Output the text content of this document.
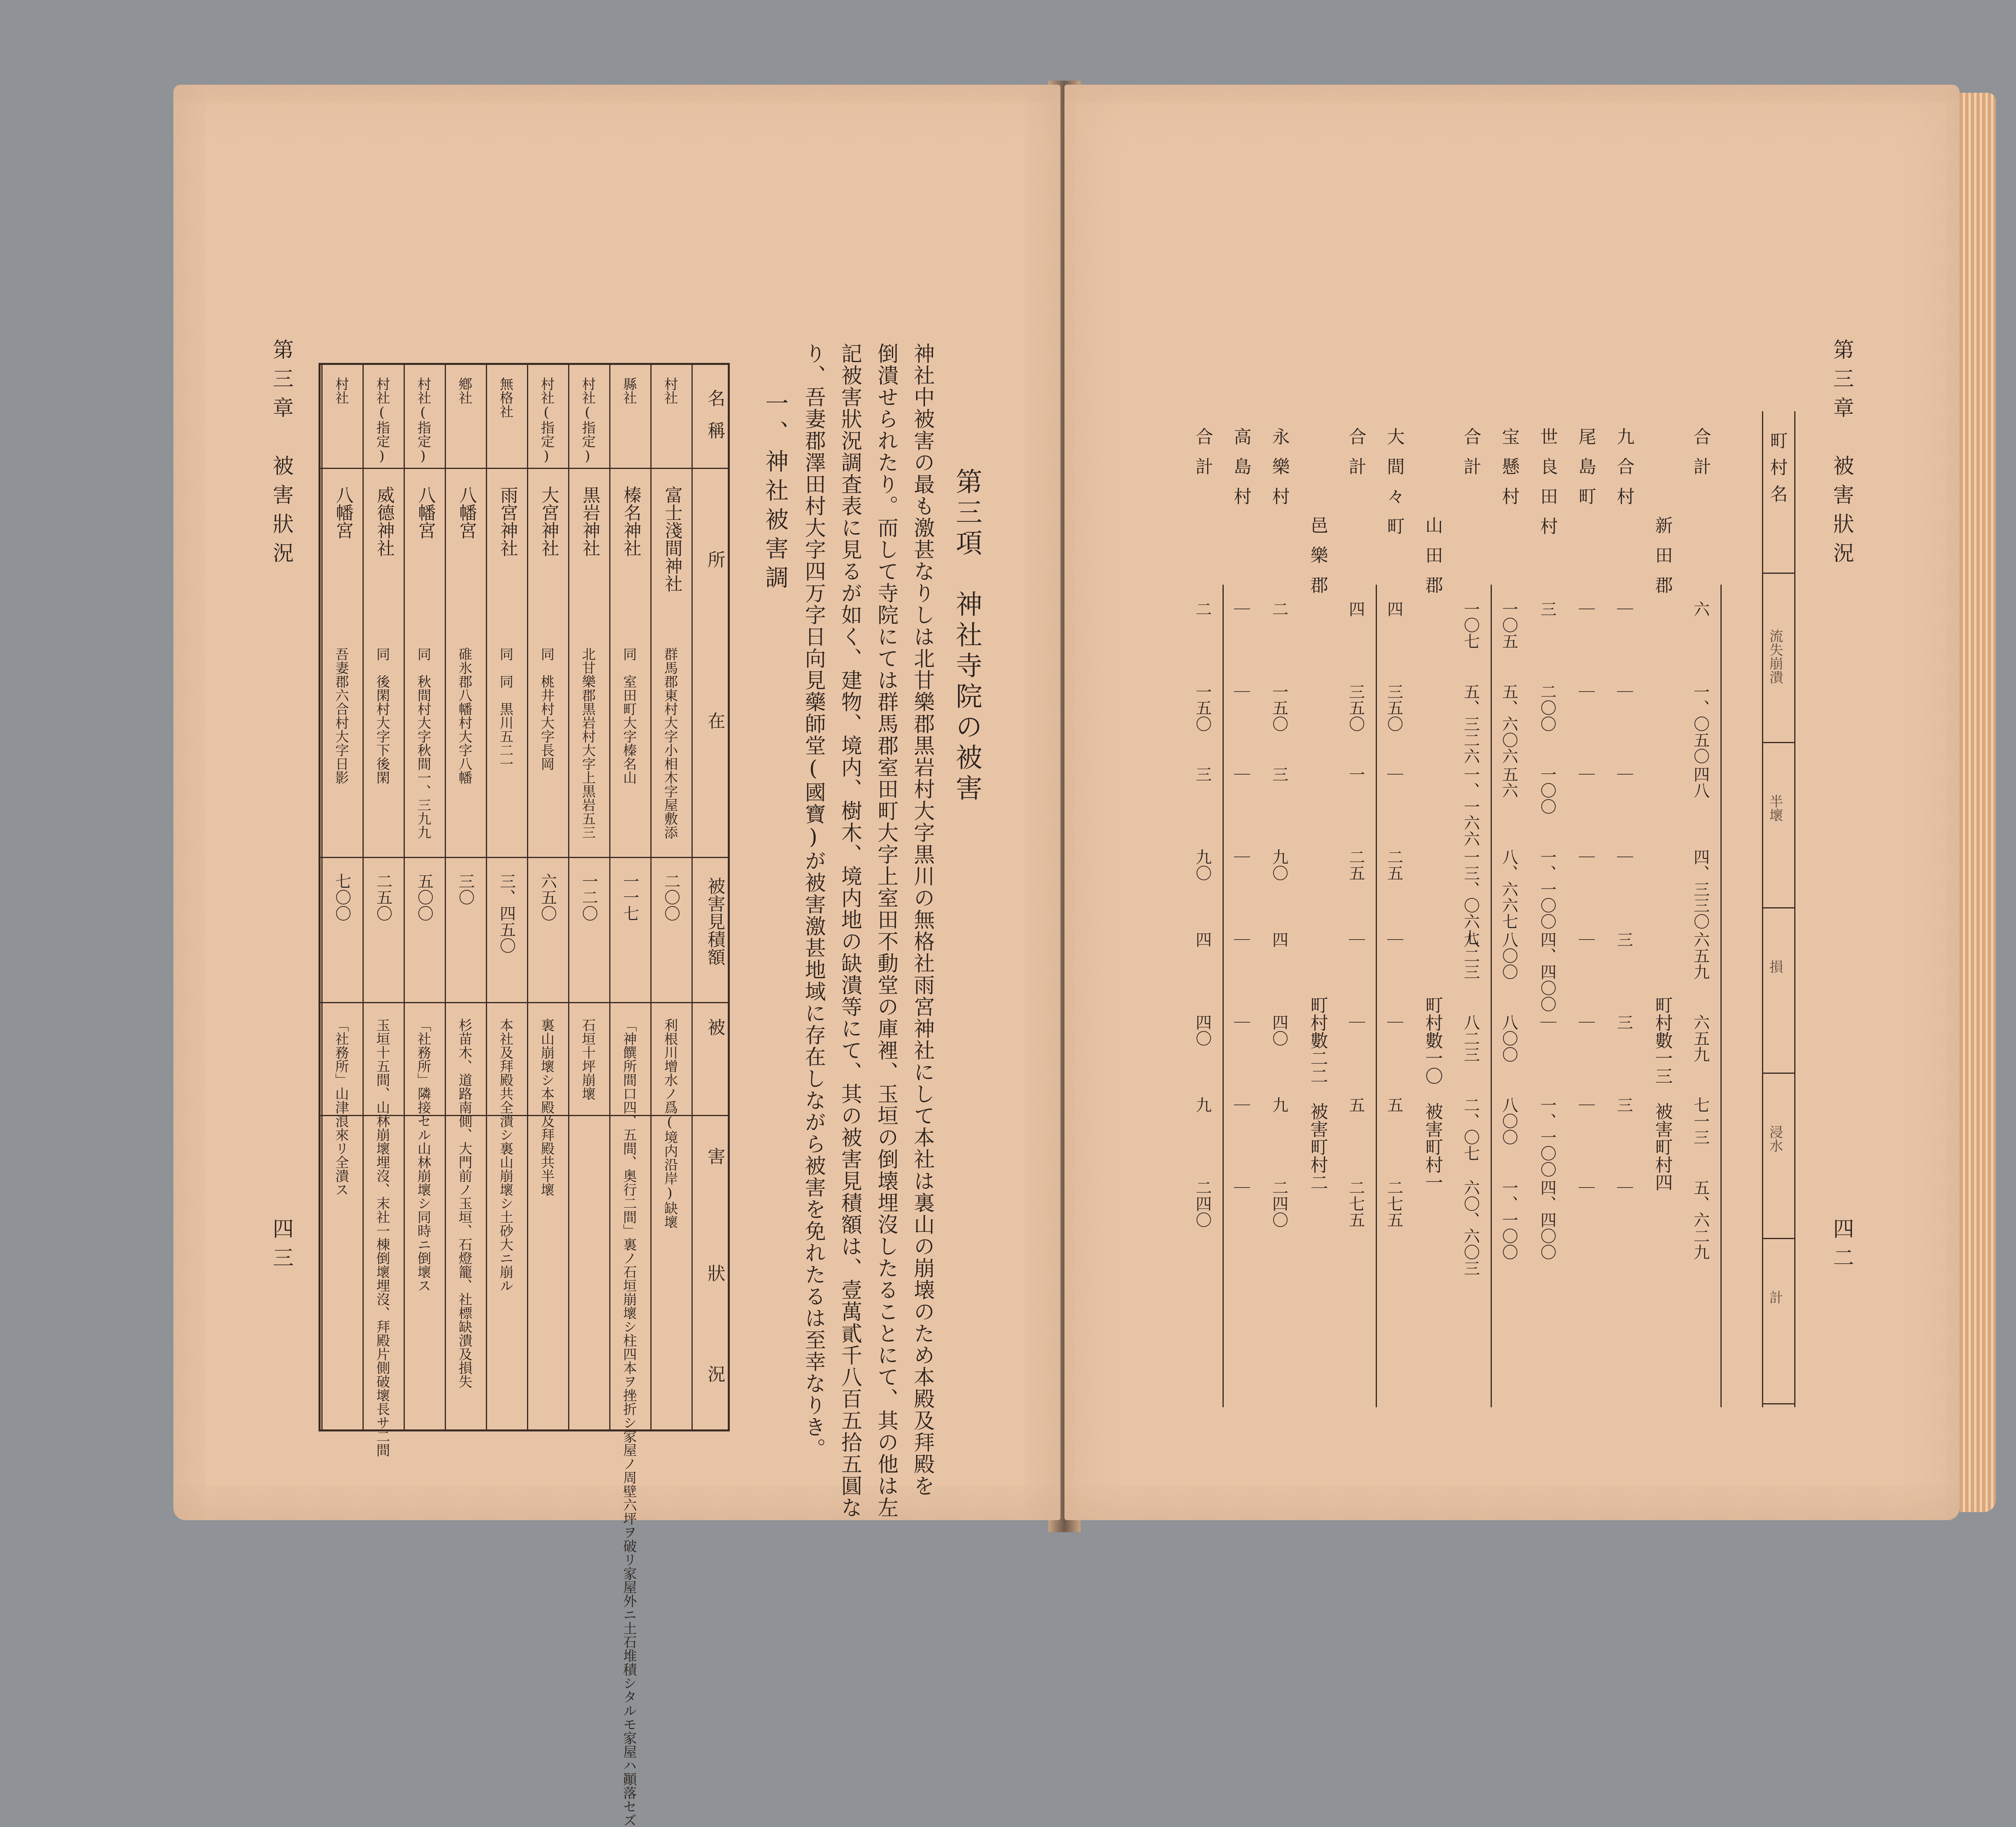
第三章　被害狀況
四三
第三項　神社寺院の被害
神社中被害の最も激甚なりしは北甘樂郡黒岩村大字黒川の無格社雨宮神社にして本社は裏山の崩壊のため本殿及拜殿を
倒潰せられたり。而して寺院にては群馬郡室田町大字上室田不動堂の庫裡、玉垣の倒壊埋沒したることにて、其の他は左
記被害狀況調査表に見るが如く、建物、境内、樹木、境内地の缺潰等にて、其の被害見積額は、壹萬貳千八百五拾五圓な
り、吾妻郡澤田村大字四万字日向見藥師堂(國寶)が被害激甚地域に存在しながら被害を免れたるは至幸なりき。
一、神社被害調
名
稱
所
在
被害見積額
被
害
狀
況
村社
富士淺間神社
群馬郡東村大字小相木字屋敷添
二〇〇
利根川增水ノ爲(境内沿岸)缺壞
縣社
榛名神社
同　室田町大字榛名山
一一七
「神饌所間口四、五間、奥行二間」裏ノ石垣崩壞シ柱四本ヲ挫折シ家屋ノ周壁六坪ヲ破リ家屋外ニ土石堆積シタルモ家屋ハ顚落セズ
村社(指定)
黒岩神社
北甘樂郡黒岩村大字上黒岩五三
一二〇
石垣十坪崩壞
村社(指定)
大宮神社
同　桃井村大字長岡
六五〇
裏山崩壞シ本殿及拜殿共半壞
無格社
雨宮神社
同　同　黒川五二一
三、四五〇
本社及拜殿共全潰シ裏山崩壞シ土砂大ニ崩ル
鄕社
八幡宮
碓氷郡八幡村大字八幡
三〇
杉苗木、道路南側、大門前ノ玉垣、石燈籠、社標缺潰及損失
村社(指定)
八幡宮
同　秋間村大字秋間一、三九九
五〇〇
「社務所」隣接セル山林崩壞シ同時ニ倒壞ス
村社(指定)
威德神社
同　後閑村大字下後閑
二五〇
玉垣十五間、山林崩壞埋沒、末社一棟倒壞埋沒、拜殿片側破壞長サ二間
村社
八幡宮
吾妻郡六合村大字日影
七〇〇
「社務所」山津浪來リ全潰ス
第三章　被害狀況
四二
町村名
流失崩潰
半壞
損
浸水
計
合計
六
一、〇五〇
四八
四、三三〇
六五九
六五九
七一三
五、六二九
新田郡
町村數一三　被害町村四
九合村
｜
｜
｜
｜
三
三
三
｜
尾島町
｜
｜
｜
｜
｜
｜
｜
｜
世良田村
三
二〇〇
一〇〇
一、一〇〇
四、四〇〇
｜
一、一〇〇
四、四〇〇
宝懸村
一〇五
五、六〇六
五六
八、六六七
八〇〇
八〇〇
八〇〇
一、一〇〇
合計
一〇七
五、三二六
一、一六六
一三、〇六七
八二三
八二三
二、〇七
六〇、六〇三
山田郡
町村數一〇　被害町村一
大間々町
四
三五〇
｜
二五
｜
｜
五
二七五
合計
四
三五〇
一
二五
｜
｜
五
二七五
邑樂郡
町村數二二　被害町村二
永樂村
二
一五〇
三
九〇
四
四〇
九
二四〇
高島村
｜
｜
｜
｜
｜
｜
｜
｜
合計
二
一五〇
三
九〇
四
四〇
九
二四〇
